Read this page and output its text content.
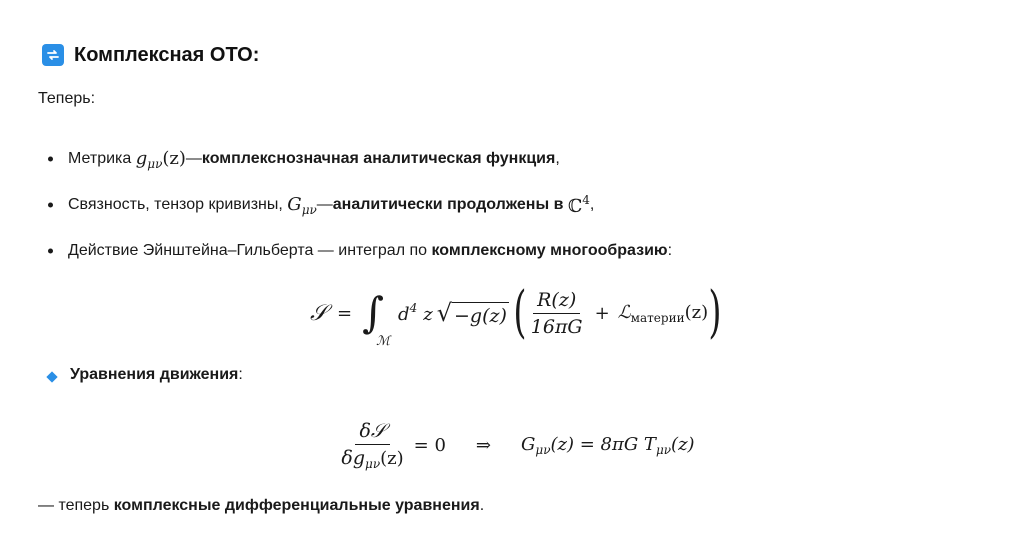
Комплексная ОТО:
Теперь:
Метрика
$g_{\mu\nu}(z)$ — комплекснозначная аналитическая функция ,
Связность, тензор кривизны,
$G_{\mu\nu}$ — аналитически продолжены в
ℂ$^4$ ,
Действие Эйнштейна–Гильберта — интеграл по
комплексному многообразию :
𝒮 = ∫
ℳ
$d^4$ z √ −g(z) ( $\frac{R(z)}{16\pi G}$ + ℒ$_{материи}$(z) )
Уравнения движения:
$\frac{\text{δ𝒮}}{\delta g_{\mu\nu}(z)} = 0$ ⇒ $G_{\mu\nu}(z) = 8\pi G$ $T_{\mu\nu}(z)$
— теперь комплексные дифференциальные уравнения.
